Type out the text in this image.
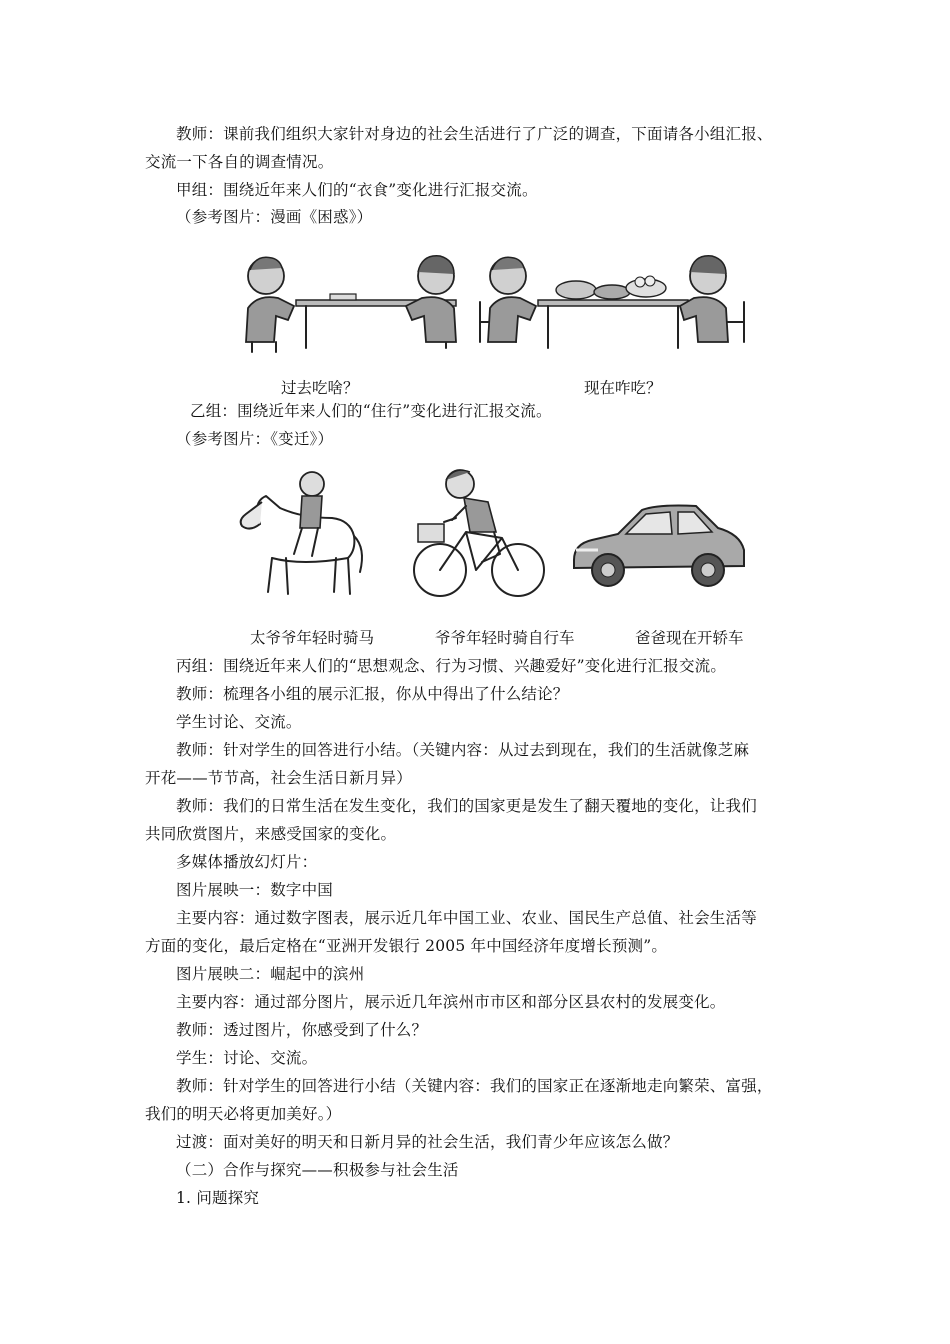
教师：课前我们组织大家针对身边的社会生活进行了广泛的调查，下面请各小组汇报、
交流一下各自的调查情况。
甲组：围绕近年来人们的“衣食”变化进行汇报交流。
（参考图片：漫画《困惑》）
过去吃啥？	现在咋吃？
乙组：围绕近年来人们的“住行”变化进行汇报交流。
（参考图片：《变迁》）
太爷爷年轻时骑马	爷爷年轻时骑自行车	爸爸现在开轿车
丙组：围绕近年来人们的“思想观念、行为习惯、兴趣爱好”变化进行汇报交流。
教师：梳理各小组的展示汇报，你从中得出了什么结论？
学生讨论、交流。
教师：针对学生的回答进行小结。（关键内容：从过去到现在，我们的生活就像芝麻
开花——节节高，社会生活日新月异）
教师：我们的日常生活在发生变化，我们的国家更是发生了翻天覆地的变化，让我们
共同欣赏图片，来感受国家的变化。
多媒体播放幻灯片：
图片展映一：数字中国
主要内容：通过数字图表，展示近几年中国工业、农业、国民生产总值、社会生活等
方面的变化，最后定格在“亚洲开发银行 2005 年中国经济年度增长预测”。
图片展映二：崛起中的滨州
主要内容：通过部分图片，展示近几年滨州市市区和部分区县农村的发展变化。
教师：透过图片，你感受到了什么？
学生：讨论、交流。
教师：针对学生的回答进行小结（关键内容：我们的国家正在逐渐地走向繁荣、富强，
我们的明天必将更加美好。）
过渡：面对美好的明天和日新月异的社会生活，我们青少年应该怎么做？
（二）合作与探究——积极参与社会生活
1. 问题探究
